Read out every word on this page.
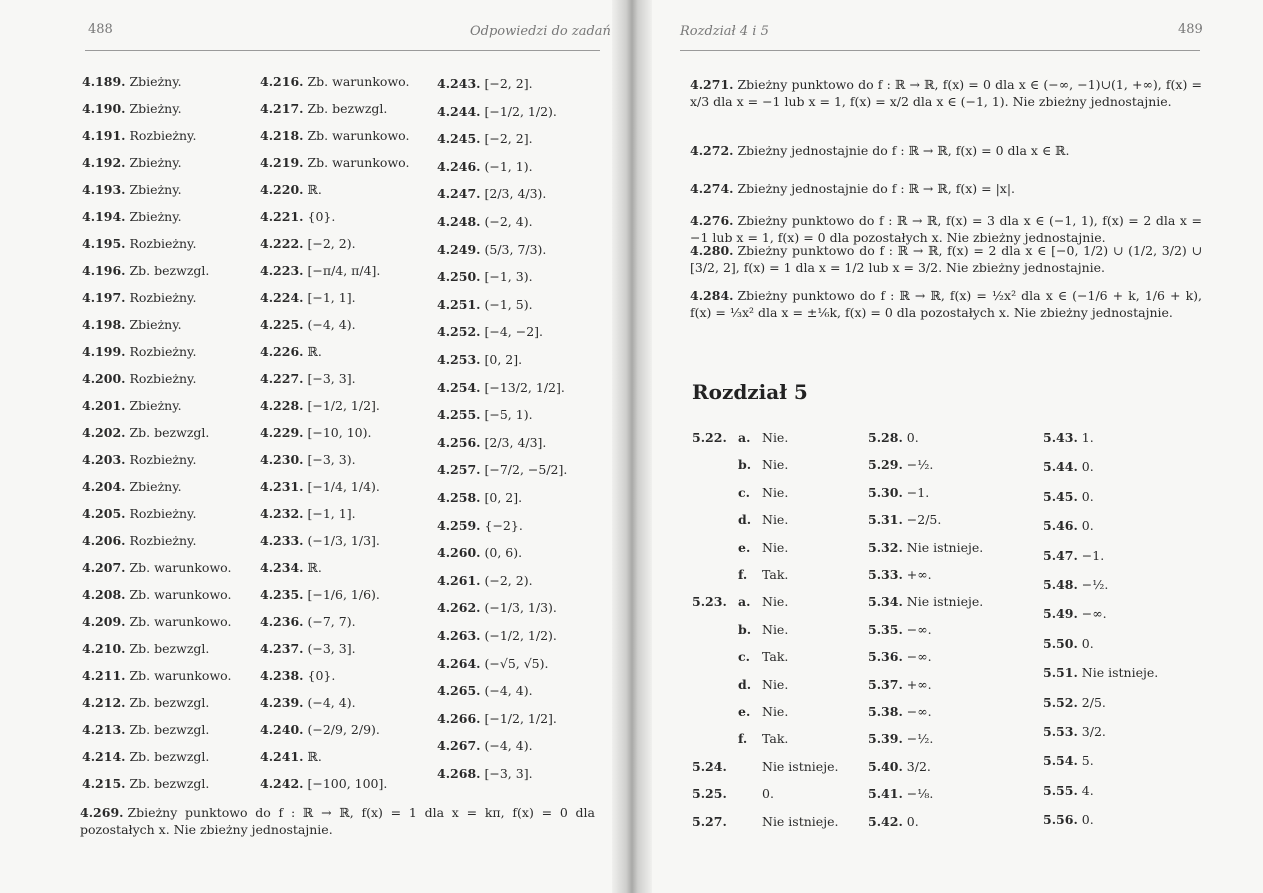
488	Odpowiedzi do zadań	489
Rozdział 4 i 5
4.189. Zbieżny.
4.190. Zbieżny.
4.191. Rozbieżny.
4.192. Zbieżny.
4.193. Zbieżny.
4.194. Zbieżny.
4.195. Rozbieżny.
4.196. Zb. bezwzgl.
4.197. Rozbieżny.
4.198. Zbieżny.
4.199. Rozbieżny.
4.200. Rozbieżny.
4.201. Zbieżny.
4.202. Zb. bezwzgl.
4.203. Rozbieżny.
4.204. Zbieżny.
4.205. Rozbieżny.
4.206. Rozbieżny.
4.207. Zb. warunkowo.
4.208. Zb. warunkowo.
4.209. Zb. warunkowo.
4.210. Zb. bezwzgl.
4.211. Zb. warunkowo.
4.212. Zb. bezwzgl.
4.213. Zb. bezwzgl.
4.214. Zb. bezwzgl.
4.215. Zb. bezwzgl.
4.216. Zb. warunkowo.
4.217. Zb. bezwzgl.
4.218. Zb. warunkowo.
4.219. Zb. warunkowo.
4.220. ℝ.
4.221. {0}.
4.222. [−2, 2).
4.223. [−π/4, π/4].
4.224. [−1, 1].
4.225. (−4, 4).
4.226. ℝ.
4.227. [−3, 3].
4.228. [−1/2, 1/2].
4.229. [−10, 10).
4.230. [−3, 3).
4.231. [−1/4, 1/4).
4.232. [−1, 1].
4.233. (−1/3, 1/3].
4.234. ℝ.
4.235. [−1/6, 1/6).
4.236. (−7, 7).
4.237. (−3, 3].
4.238. {0}.
4.239. (−4, 4).
4.240. (−2/9, 2/9).
4.241. ℝ.
4.242. [−100, 100].
4.243. [−2, 2].
4.244. [−1/2, 1/2).
4.245. [−2, 2].
4.246. (−1, 1).
4.247. [2/3, 4/3).
4.248. (−2, 4).
4.249. (5/3, 7/3).
4.250. [−1, 3).
4.251. (−1, 5).
4.252. [−4, −2].
4.253. [0, 2].
4.254. [−13/2, 1/2].
4.255. [−5, 1).
4.256. [2/3, 4/3].
4.257. [−7/2, −5/2].
4.258. [0, 2].
4.259. {−2}.
4.260. (0, 6).
4.261. (−2, 2).
4.262. (−1/3, 1/3).
4.263. (−1/2, 1/2).
4.264. (−√5, √5).
4.265. (−4, 4).
4.266. [−1/2, 1/2].
4.267. (−4, 4).
4.268. [−3, 3].
4.269. Zbieżny punktowo do f : ℝ → ℝ, f(x) = 1 dla x = kπ, f(x) = 0 dla pozostałych x. Nie zbieżny jednostajnie.
4.271. Zbieżny punktowo do f : ℝ → ℝ, f(x) = 0 dla x ∈ (−∞, −1)∪(1, +∞), f(x) = x/3 dla x = −1 lub x = 1, f(x) = x/2 dla x ∈ (−1, 1). Nie zbieżny jednostajnie.
4.272. Zbieżny jednostajnie do f : ℝ → ℝ, f(x) = 0 dla x ∈ ℝ.
4.274. Zbieżny jednostajnie do f : ℝ → ℝ, f(x) = |x|.
4.276. Zbieżny punktowo do f : ℝ → ℝ, f(x) = 3 dla x ∈ (−1, 1), f(x) = 2 dla x = −1 lub x = 1, f(x) = 0 dla pozostałych x. Nie zbieżny jednostajnie.
4.280. Zbieżny punktowo do f : ℝ → ℝ, f(x) = 2 dla x ∈ [−0, 1/2) ∪ (1/2, 3/2) ∪ [3/2, 2], f(x) = 1 dla x = 1/2 lub x = 3/2. Nie zbieżny jednostajnie.
4.284. Zbieżny punktowo do f : ℝ → ℝ, f(x) = ½x² dla x ∈ (−1/6 + k, 1/6 + k), f(x) = ⅓x² dla x = ±⅙k, f(x) = 0 dla pozostałych x. Nie zbieżny jednostajnie.
Rozdział 5
5.22. a. Nie.
b. Nie.
c. Nie.
d. Nie.
e. Nie.
f. Tak.
5.23. a. Nie.
b. Nie.
c. Tak.
d. Nie.
e. Nie.
f. Tak.
5.24.	Nie istnieje.
5.25.	0.
5.27.	Nie istnieje.
5.28. 0.
5.29. −½.
5.30. −1.
5.31. −2/5.
5.32. Nie istnieje.
5.33. +∞.
5.34. Nie istnieje.
5.35. −∞.
5.36. −∞.
5.37. +∞.
5.38. −∞.
5.39. −½.
5.40. 3/2.
5.41. −⅛.
5.42. 0.
5.43. 1.
5.44. 0.
5.45. 0.
5.46. 0.
5.47. −1.
5.48. −½.
5.49. −∞.
5.50. 0.
5.51. Nie istnieje.
5.52. 2/5.
5.53. 3/2.
5.54. 5.
5.55. 4.
5.56. 0.
